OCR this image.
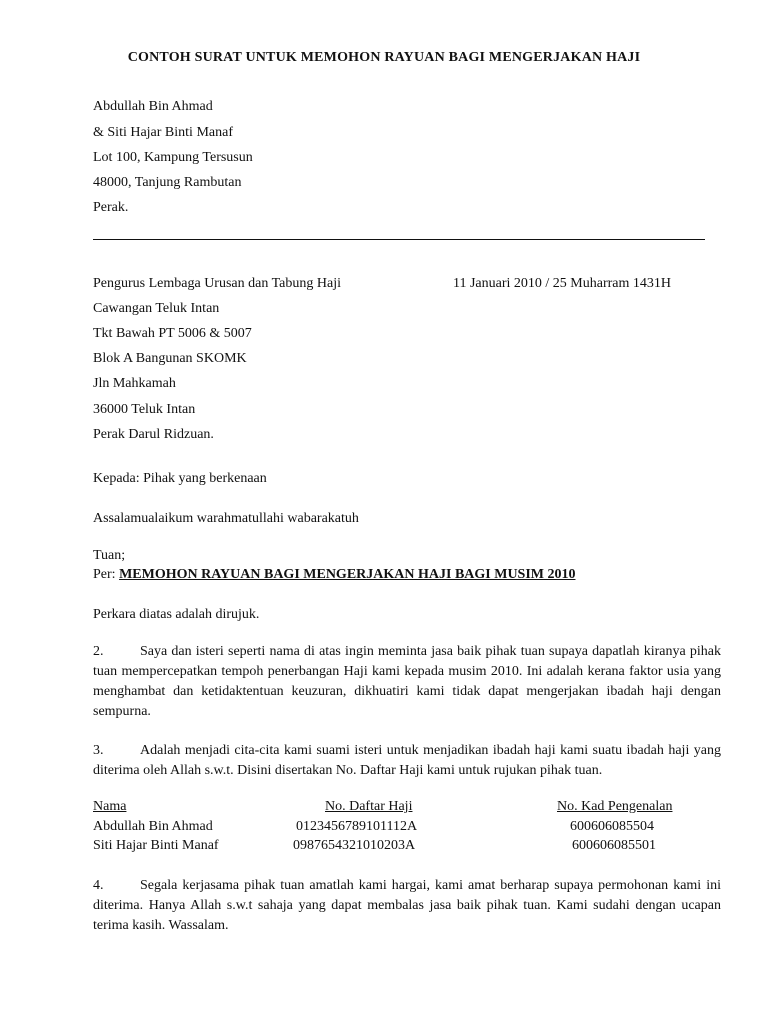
CONTOH SURAT UNTUK MEMOHON RAYUAN BAGI MENGERJAKAN HAJI
Abdullah Bin Ahmad
& Siti Hajar Binti Manaf
Lot 100, Kampung Tersusun
48000, Tanjung Rambutan
Perak.
Pengurus Lembaga Urusan dan Tabung Haji	11 Januari 2010 / 25 Muharram 1431H
Cawangan Teluk Intan
Tkt Bawah PT 5006 & 5007
Blok A Bangunan SKOMK
Jln Mahkamah
36000 Teluk Intan
Perak Darul Ridzuan.
Kepada: Pihak yang berkenaan
Assalamualaikum warahmatullahi wabarakatuh
Tuan;
Per: MEMOHON RAYUAN BAGI MENGERJAKAN HAJI BAGI MUSIM 2010
Perkara diatas adalah dirujuk.
2.	Saya dan isteri seperti nama di atas ingin meminta jasa baik pihak tuan supaya dapatlah kiranya pihak tuan mempercepatkan tempoh penerbangan Haji kami kepada musim 2010. Ini adalah kerana faktor usia yang menghambat dan ketidaktentuan keuzuran, dikhuatiri kami tidak dapat mengerjakan ibadah haji dengan sempurna.
3.	Adalah menjadi cita-cita kami suami isteri untuk menjadikan ibadah haji kami suatu ibadah haji yang diterima oleh Allah s.w.t. Disini disertakan No. Daftar Haji kami untuk rujukan pihak tuan.
Nama	No. Daftar Haji	No. Kad Pengenalan
Abdullah Bin Ahmad	0123456789101112A	600606085504
Siti Hajar Binti Manaf	0987654321010203A	600606085501
4.	Segala kerjasama pihak tuan amatlah kami hargai, kami amat berharap supaya permohonan kami ini diterima. Hanya Allah s.w.t sahaja yang dapat membalas jasa baik pihak tuan. Kami sudahi dengan ucapan terima kasih. Wassalam.
